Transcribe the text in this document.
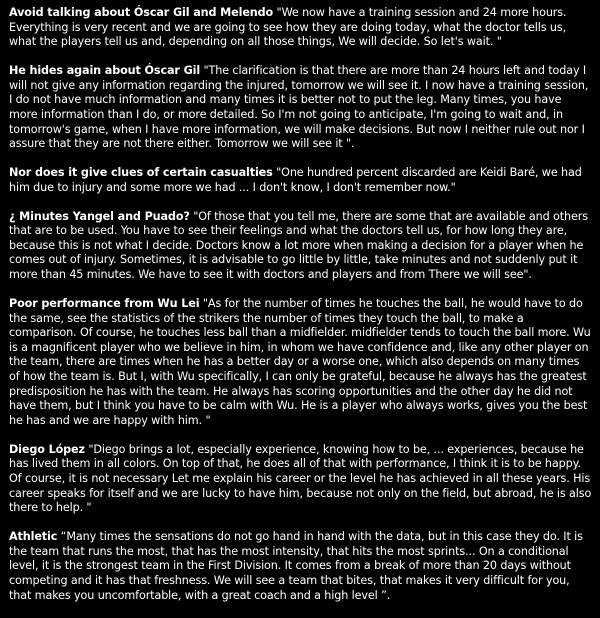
Avoid talking about Óscar Gil and Melendo "We now have a training session and 24 more hours. Everything is very recent and we are going to see how they are doing today, what the doctor tells us, what the players tell us and, depending on all those things, We will decide. So let's wait. "

He hides again about Óscar Gil "The clarification is that there are more than 24 hours left and today I will not give any information regarding the injured, tomorrow we will see it. I now have a training session, I do not have much information and many times it is better not to put the leg. Many times, you have more information than I do, or more detailed. So I'm not going to anticipate, I'm going to wait and, in tomorrow's game, when I have more information, we will make decisions. But now I neither rule out nor I assure that they are not there either. Tomorrow we will see it ".

Nor does it give clues of certain casualties "One hundred percent discarded are Keidi Baré, we had him due to injury and some more we had ... I don't know, I don't remember now."

¿ Minutes Yangel and Puado? "Of those that you tell me, there are some that are available and others that are to be used. You have to see their feelings and what the doctors tell us, for how long they are, because this is not what I decide. Doctors know a lot more when making a decision for a player when he comes out of injury. Sometimes, it is advisable to go little by little, take minutes and not suddenly put it more than 45 minutes. We have to see it with doctors and players and from There we will see".

Poor performance from Wu Lei "As for the number of times he touches the ball, he would have to do the same, see the statistics of the strikers the number of times they touch the ball, to make a comparison. Of course, he touches less ball than a midfielder. midfielder tends to touch the ball more. Wu is a magnificent player who we believe in him, in whom we have confidence and, like any other player on the team, there are times when he has a better day or a worse one, which also depends on many times of how the team is. But I, with Wu specifically, I can only be grateful, because he always has the greatest predisposition he has with the team. He always has scoring opportunities and the other day he did not have them, but I think you have to be calm with Wu. He is a player who always works, gives you the best he has and we are happy with him. "

Diego López "Diego brings a lot, especially experience, knowing how to be, ... experiences, because he has lived them in all colors. On top of that, he does all of that with performance, I think it is to be happy. Of course, it is not necessary Let me explain his career or the level he has achieved in all these years. His career speaks for itself and we are lucky to have him, because not only on the field, but abroad, he is also there to help. "

Athletic “Many times the sensations do not go hand in hand with the data, but in this case they do. It is the team that runs the most, that has the most intensity, that hits the most sprints... On a conditional level, it is the strongest team in the First Division. It comes from a break of more than 20 days without competing and it has that freshness. We will see a team that bites, that makes it very difficult for you, that makes you uncomfortable, with a great coach and a high level ”.
